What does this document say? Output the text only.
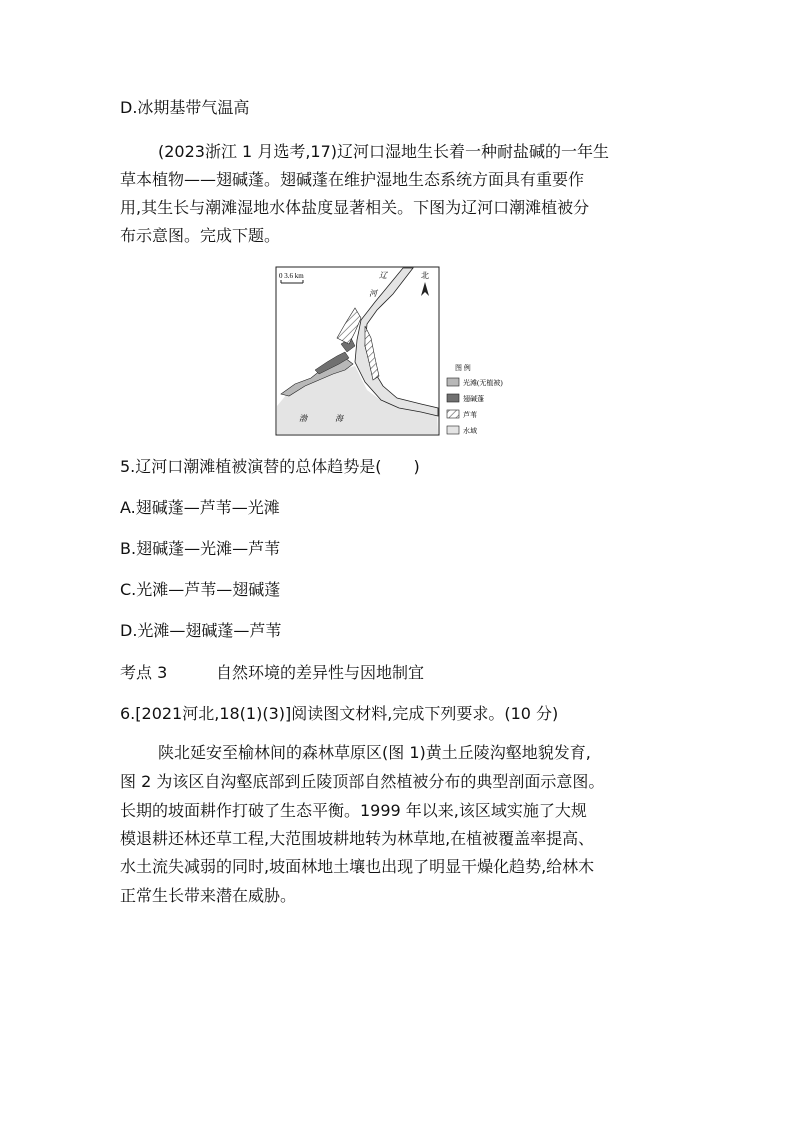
D.冰期基带气温高
(2023浙江 1 月选考,17)辽河口湿地生长着一种耐盐碱的一年生
草本植物——翅碱蓬。翅碱蓬在维护湿地生态系统方面具有重要作
用,其生长与潮滩湿地水体盐度显著相关。下图为辽河口潮滩植被分
布示意图。完成下题。
0 3.6 km	辽
河
北
渤	海
图 例
光滩(无植被)
翅碱蓬
芦苇
水域
5.辽河口潮滩植被演替的总体趋势是(　　)
A.翅碱蓬—芦苇—光滩
B.翅碱蓬—光滩—芦苇
C.光滩—芦苇—翅碱蓬
D.光滩—翅碱蓬—芦苇
考点 3	自然环境的差异性与因地制宜
6.[2021河北,18(1)(3)]阅读图文材料,完成下列要求。(10 分)
陕北延安至榆林间的森林草原区(图 1)黄土丘陵沟壑地貌发育,
图 2 为该区自沟壑底部到丘陵顶部自然植被分布的典型剖面示意图。
长期的坡面耕作打破了生态平衡。1999 年以来,该区域实施了大规
模退耕还林还草工程,大范围坡耕地转为林草地,在植被覆盖率提高、
水土流失减弱的同时,坡面林地土壤也出现了明显干燥化趋势,给林木
正常生长带来潜在威胁。
